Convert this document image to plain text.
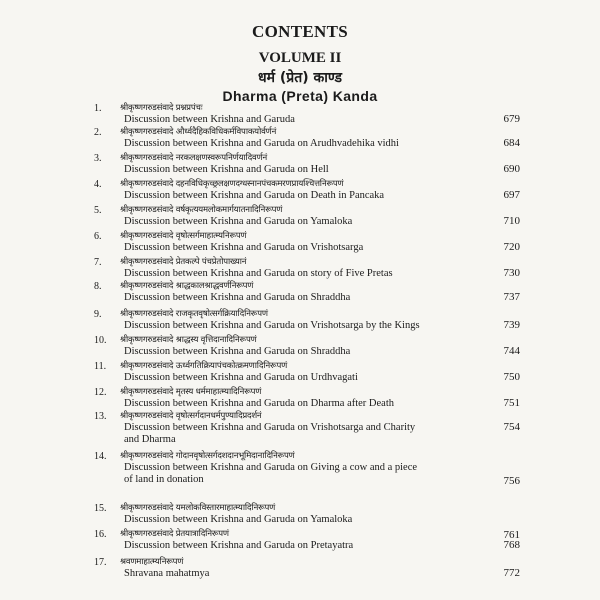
CONTENTS
VOLUME II
धर्म (प्रेत) काण्ड
Dharma (Preta) Kanda
1. श्रीकृष्णगरुडसंवादे प्रश्नप्रपंचः
Discussion between Krishna and Garuda	679
2. श्रीकृष्णगरुडसंवादे और्ध्वदैहिकविधिकर्मविपाकयोर्वर्णनं
Discussion between Krishna and Garuda on Arudhvadehika vidhi	684
3. श्रीकृष्णगरुडसंवादे नरकलक्षणस्वरूपनिर्णयादिवर्णनं
Discussion between Krishna and Garuda on Hell	690
4. श्रीकृष्णगरुडसंवादे दहनविधिकृच्छ्रलक्षणदग्धस्नानपंचकमरणप्रायश्चित्तनिरूपणं
Discussion between Krishna and Garuda on Death in Pancaka	697
5. श्रीकृष्णगरुडसंवादे वर्षकृत्ययमलोकमार्गयातनादिनिरूपणं
Discussion between Krishna and Garuda on Yamaloka	710
6. श्रीकृष्णगरुडसंवादे वृषोत्सर्गमाहात्म्यनिरूपणं
Discussion between Krishna and Garuda on Vrishotsarga	720
7. श्रीकृष्णगरुडसंवादे प्रेतकल्पे पंचप्रेतोपाख्यानं
Discussion between Krishna and Garuda on story of Five Pretas	730
8. श्रीकृष्णगरुडसंवादे श्राद्धकालश्राद्धवर्णनिरूपणं
Discussion between Krishna and Garuda on Shraddha	737
9. श्रीकृष्णगरुडसंवादे राजकृतवृषोत्सर्गक्रियादिनिरूपणं
Discussion between Krishna and Garuda on Vrishotsarga by the Kings	739
10. श्रीकृष्णगरुडसंवादे श्राद्धस्य वृत्तिदानादिनिरूपणं
Discussion between Krishna and Garuda on Shraddha	744
11. श्रीकृष्णगरुडसंवादे ऊर्ध्वगतिक्रियापंचकोत्क्रमणादिनिरूपणं
Discussion between Krishna and Garuda on Urdhvagati	750
12. श्रीकृष्णगरुडसंवादे मृतस्य धर्ममाहात्म्यादिनिरूपणं
Discussion between Krishna and Garuda on Dharma after Death	751
13. श्रीकृष्णगरुडसंवादे वृषोत्सर्गदानधर्मपुण्यादिप्रदर्शनं
Discussion between Krishna and Garuda on Vrishotsarga and Charity
and Dharma
754
14. श्रीकृष्णगरुडसंवादे गोदानवृषोत्सर्गदशदानभूमिदानादिनिरूपणं
Discussion between Krishna and Garuda on Giving a cow and a piece
of land in donation	756
15. श्रीकृष्णगरुडसंवादे यमलोकविस्तारमाहात्म्यादिनिरूपणं
Discussion between Krishna and Garuda on Yamaloka
761
16. श्रीकृष्णगरुडसंवादे प्रेतयात्रादिनिरूपणं
Discussion between Krishna and Garuda on Pretayatra	768
17. श्रवणमाहात्म्यनिरूपणं
Shravana mahatmya	772
